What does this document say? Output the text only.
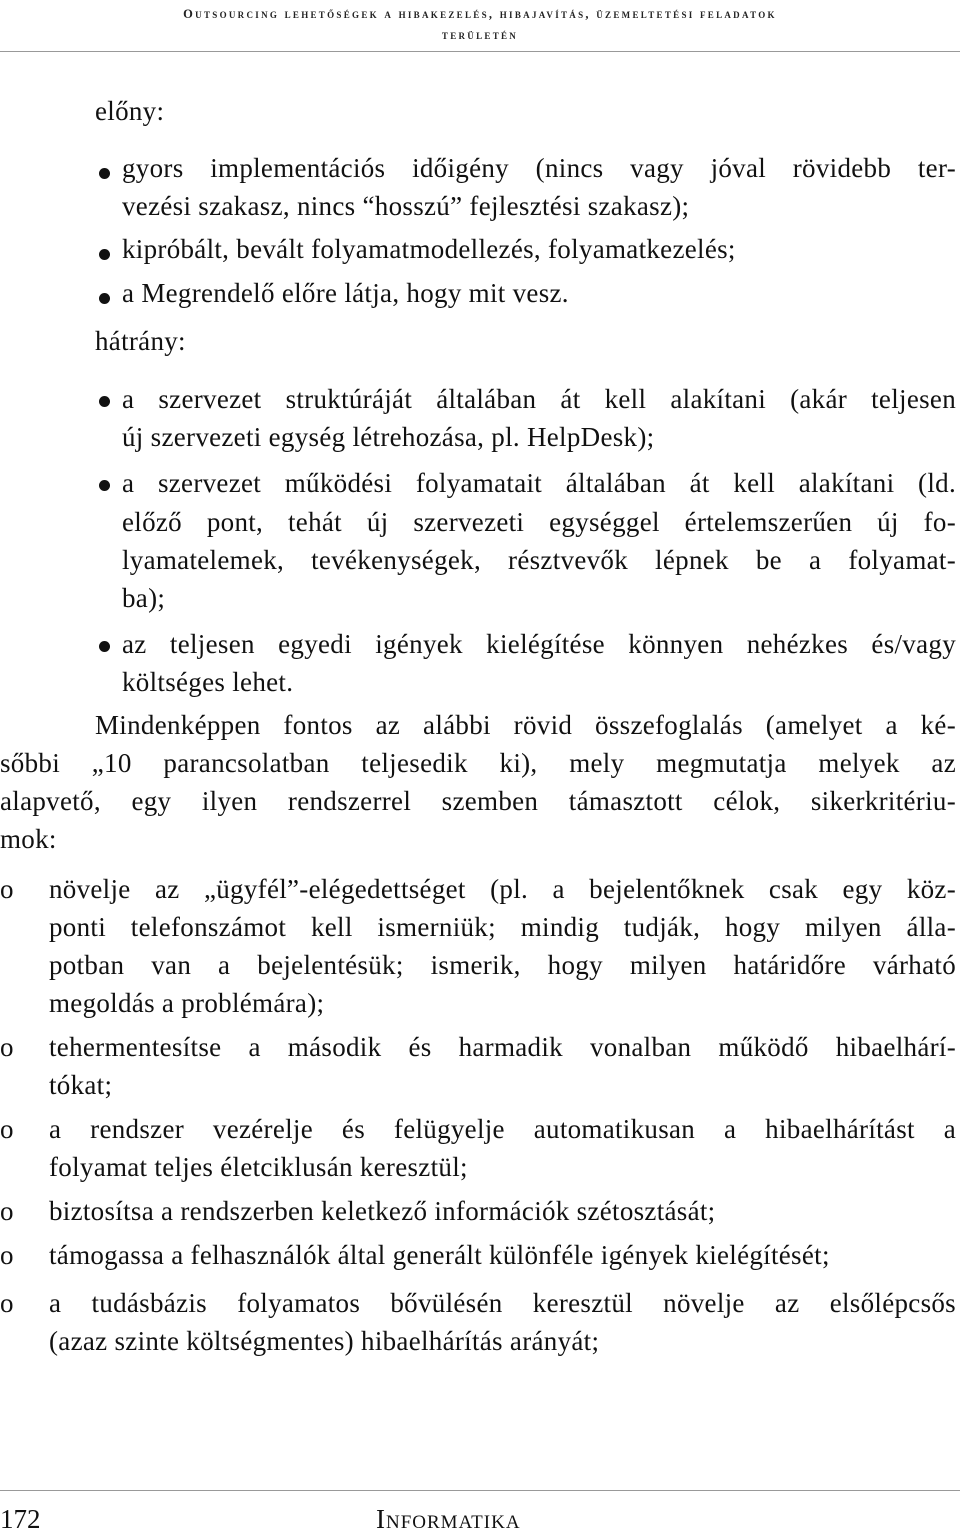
Outsourcing lehetőségek a hibakezelés, hibajavítás, üzemeltetési feladatok
területén
előny:
gyors implementációs időigény (nincs vagy jóval rövidebb ter-
vezési szakasz, nincs “hosszú” fejlesztési szakasz);
kipróbált, bevált folyamatmodellezés, folyamatkezelés;
a Megrendelő előre látja, hogy mit vesz.
hátrány:
a szervezet struktúráját általában át kell alakítani (akár teljesen
új szervezeti egység létrehozása, pl. HelpDesk);
a szervezet működési folyamatait általában át kell alakítani (ld.
előző pont, tehát új szervezeti egységgel értelemszerűen új fo-
lyamatelemek, tevékenységek, résztvevők lépnek be a folyamat-
ba);
az teljesen egyedi igények kielégítése könnyen nehézkes és/vagy
költséges lehet.
Mindenképpen fontos az alábbi rövid összefoglalás (amelyet a ké-
sőbbi „10 parancsolatban teljesedik ki), mely megmutatja melyek az
alapvető, egy ilyen rendszerrel szemben támasztott célok, sikerkritériu-
mok:
o növelje az „ügyfél”-elégedettséget (pl. a bejelentőknek csak egy köz-
ponti telefonszámot kell ismerniük; mindig tudják, hogy milyen álla-
potban van a bejelentésük; ismerik, hogy milyen határidőre várható
megoldás a problémára);
o tehermentesítse a második és harmadik vonalban működő hibaelhárí-
tókat;
o a rendszer vezérelje és felügyelje automatikusan a hibaelhárítást a
folyamat teljes életciklusán keresztül;
o biztosítsa a rendszerben keletkező információk szétosztását;
o támogassa a felhasználók által generált különféle igények kielégítését;
o a tudásbázis folyamatos bővülésén keresztül növelje az elsőlépcsős
(azaz szinte költségmentes) hibaelhárítás arányát;
172	Informatika
